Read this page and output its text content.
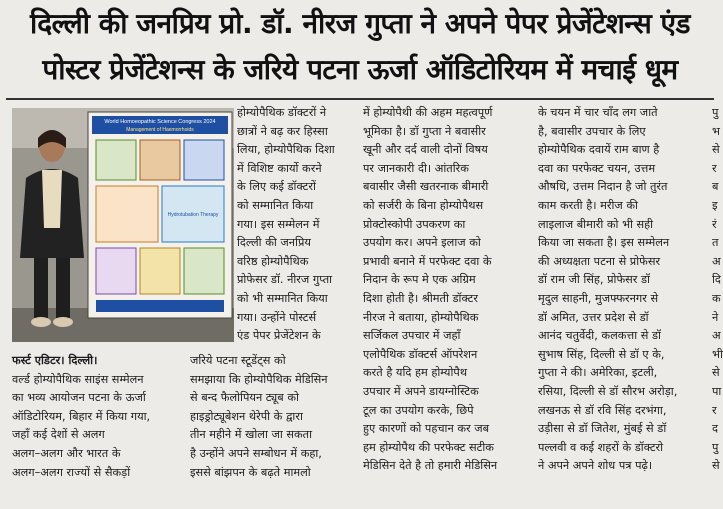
दिल्ली की जनप्रिय प्रो. डॉ. नीरज गुप्ता ने अपने पेपर प्रेजेंटेशन्स एंड
पोस्टर प्रेजेंटेशन्स के जरिये पटना ऊर्जा ऑडिटोरियम में मचाई धूम
World Homoeopathic Science Congress 2024
Management of Haemorrhoids
Hydrotubation Therapy
फर्स्ट एडिटर। दिल्ली।
वर्ल्ड होम्योपैथिक साइंस सम्मेलन
का भव्य आयोजन पटना के ऊर्जा
ऑडिटोरियम, बिहार में किया गया,
जहाँ कई देशों से अलग
अलग–अलग और भारत के
अलग–अलग राज्यों से सैकड़ों
होम्योपैथिक डॉक्टरों ने
छात्रों ने बढ़ कर हिस्सा
लिया, होम्योपैथिक दिशा
में विशिष्ट कार्यो करने
के लिए कई डॉक्टरों
को सम्मानित किया
गया। इस सम्मेलन में
दिल्ली की जनप्रिय
वरिष्ठ होम्योपैथिक
प्रोफेसर डॉ. नीरज गुप्ता
को भी सम्मानित किया
गया। उन्होंने पोस्टर्स
एंड पेपर प्रेजेंटेशन के
जरिये पटना स्टूडेंट्स को
समझाया कि होम्योपैथिक मेडिसिन
से बन्द फैलोपियन ट्यूब को
हाइड्रोट्यूबेशन थेरेपी के द्वारा
तीन महीने में खोला जा सकता
है उन्होंने अपने सम्बोधन में कहा,
इससे बांझपन के बढ़ते मामलो
में होम्योपैथी की अहम महत्वपूर्ण
भूमिका है। डॉ गुप्ता ने बवासीर
खूनी और दर्द वाली दोनों विषय
पर जानकारी दी। आंतरिक
बवासीर जैसी खतरनाक बीमारी
को सर्जरी के बिना होम्योपैथस
प्रोक्टोस्कोपी उपकरण का
उपयोग कर। अपने इलाज को
प्रभावी बनाने में परफेक्ट दवा के
निदान के रूप मे एक अग्रिम
दिशा होती है। श्रीमती डॉक्टर
नीरज ने बताया, होम्योपैथिक
सर्जिकल उपचार में जहाँ
एलोपैथिक डॉक्टर्स ऑपरेशन
करते है यदि हम होम्योपैथ
उपचार में अपने डायग्नोस्टिक
टूल का उपयोग करके, छिपे
हुए कारणों को पहचान कर जब
हम होम्योपैथ की परफेक्ट सटीक
मेडिसिन देते है तो हमारी मेडिसिन
के चयन में चार चाँद लग जाते
है, बवासीर उपचार के लिए
होम्योपैथिक दवायें राम बाण है
दवा का परफेक्ट चयन, उत्तम
औषधि, उत्तम निदान है जो तुरंत
काम करती है। मरीज की
लाइलाज बीमारी को भी सही
किया जा सकता है। इस सम्मेलन
की अध्यक्षता पटना से प्रोफेसर
डॉ राम जी सिंह, प्रोफेसर डॉ
मृदुल साहनी, मुजफ्फरनगर से
डॉ अमित, उत्तर प्रदेश से डॉ
आनंद चतुर्वेदी, कलकत्ता से डॉ
सुभाष सिंह, दिल्ली से डॉ ए के,
गुप्ता ने की। अमेरिका, इटली,
रसिया, दिल्ली से डॉ सौरभ अरोड़ा,
लखनऊ से डॉ रवि सिंह दरभंगा,
उड़ीसा से डॉ जितेश, मुंबई से डॉ
पल्लवी व कई शहरों के डॉक्टरो
ने अपने अपने शोध पत्र पढ़े।
पु
भ
से
र
ब
इ
रं
त
अ
दि
क
ने
अ
भी
से
पा
र
द
पु
से
